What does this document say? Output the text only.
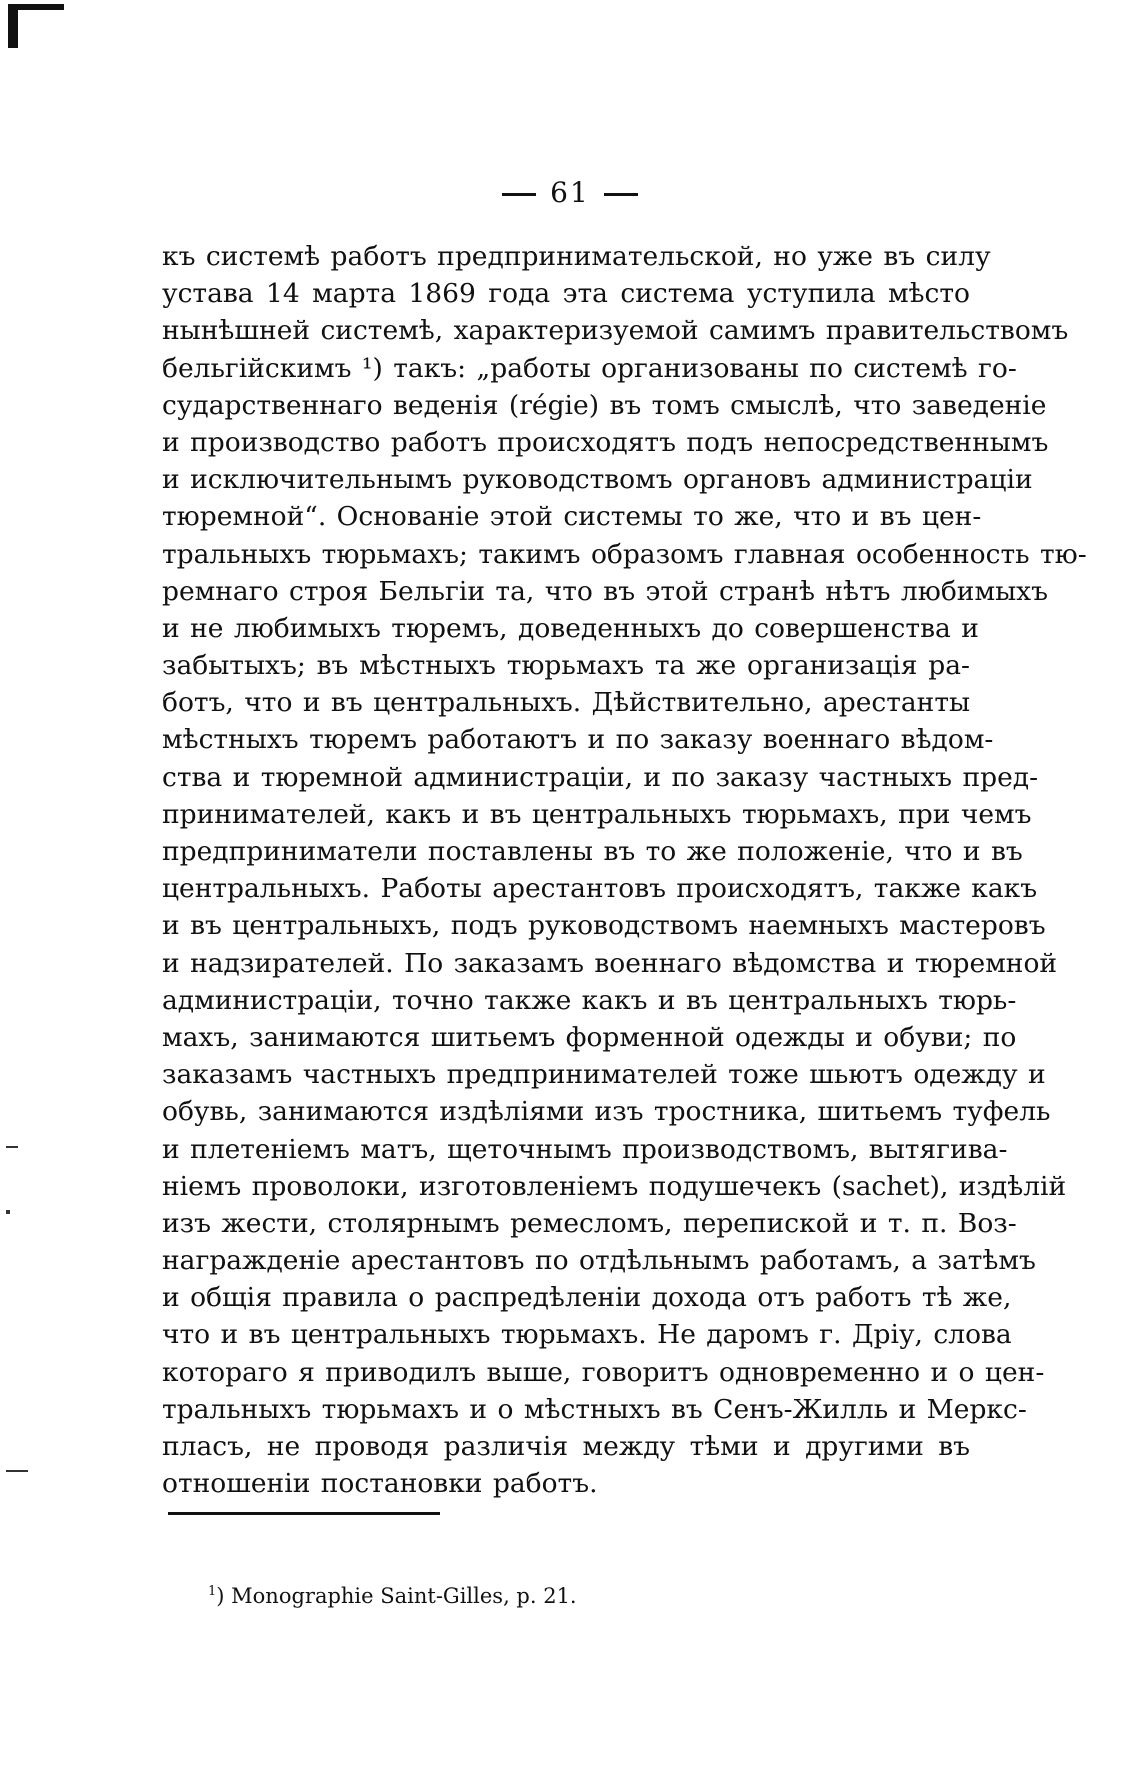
61
къ системѣ работъ предпринимательской, но уже въ силу
устава 14 марта 1869 года эта система уступила мѣсто
нынѣшней системѣ, характеризуемой самимъ правительствомъ
бельгійскимъ ¹) такъ: „работы организованы по системѣ го-
сударственнаго веденія (régie) въ томъ смыслѣ, что заведеніе
и производство работъ происходятъ подъ непосредственнымъ
и исключительнымъ руководствомъ органовъ администраціи
тюремной“. Основаніе этой системы то же, что и въ цен-
тральныхъ тюрьмахъ; такимъ образомъ главная особенность тю-
ремнаго строя Бельгіи та, что въ этой странѣ нѣтъ любимыхъ
и не любимыхъ тюремъ, доведенныхъ до совершенства и
забытыхъ; въ мѣстныхъ тюрьмахъ та же организація ра-
ботъ, что и въ центральныхъ. Дѣйствительно, арестанты
мѣстныхъ тюремъ работаютъ и по заказу военнаго вѣдом-
ства и тюремной администраціи, и по заказу частныхъ пред-
принимателей, какъ и въ центральныхъ тюрьмахъ, при чемъ
предприниматели поставлены въ то же положеніе, что и въ
центральныхъ. Работы арестантовъ происходятъ, также какъ
и въ центральныхъ, подъ руководствомъ наемныхъ мастеровъ
и надзирателей. По заказамъ военнаго вѣдомства и тюремной
администраціи, точно также какъ и въ центральныхъ тюрь-
махъ, занимаются шитьемъ форменной одежды и обуви; по
заказамъ частныхъ предпринимателей тоже шьютъ одежду и
обувь, занимаются издѣліями изъ тростника, шитьемъ туфель
и плетеніемъ матъ, щеточнымъ производствомъ, вытягива-
ніемъ проволоки, изготовленіемъ подушечекъ (sachet), издѣлій
изъ жести, столярнымъ ремесломъ, перепиской и т. п. Воз-
награжденіе арестантовъ по отдѣльнымъ работамъ, а затѣмъ
и общія правила о распредѣленіи дохода отъ работъ тѣ же,
что и въ центральныхъ тюрьмахъ. Не даромъ г. Дріу, слова
котораго я приводилъ выше, говоритъ одновременно и о цен-
тральныхъ тюрьмахъ и о мѣстныхъ въ Сенъ-Жилль и Меркс-
пласъ, не проводя различія между тѣми и другими въ
отношеніи постановки работъ.
$^1$) Monographie Saint-Gilles, p. 21.
